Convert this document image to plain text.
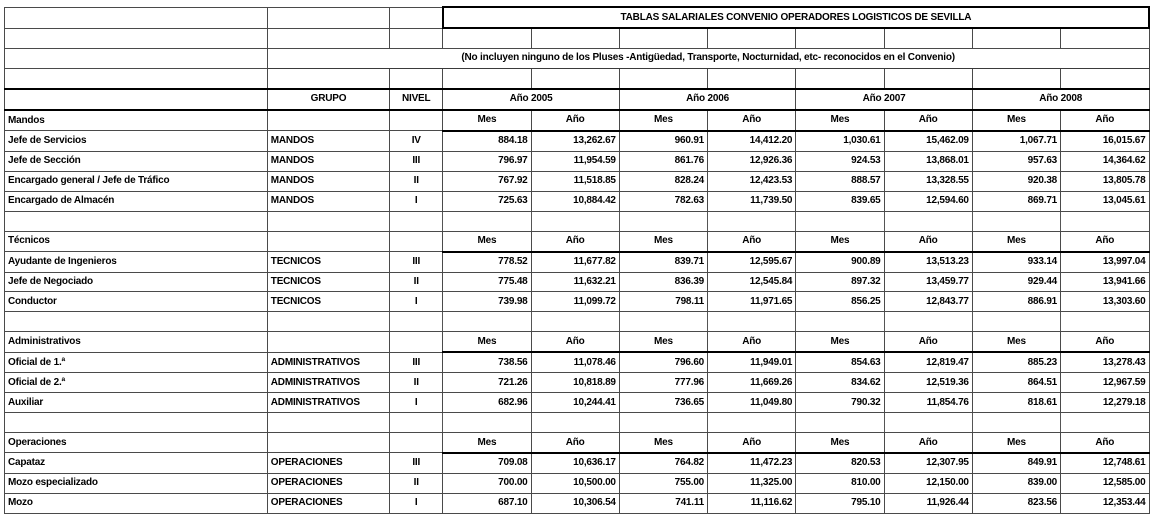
			TABLAS SALARIALES CONVENIO OPERADORES LOGISTICOS DE SEVILLA							

	(No incluyen ninguno de los Pluses -Antigüedad, Transporte, Nocturnidad, etc- reconocidos en el Convenio)									

	GRUPO	NIVEL	Año 2005		Año 2006		Año 2007		Año 2008	
Mandos			Mes	Año	Mes	Año	Mes	Año	Mes	Año
Jefe de Servicios	MANDOS	IV	884.18	13,262.67	960.91	14,412.20	1,030.61	15,462.09	1,067.71	16,015.67
Jefe de Sección	MANDOS	III	796.97	11,954.59	861.76	12,926.36	924.53	13,868.01	957.63	14,364.62
Encargado general / Jefe de Tráfico	MANDOS	II	767.92	11,518.85	828.24	12,423.53	888.57	13,328.55	920.38	13,805.78
Encargado de Almacén	MANDOS	I	725.63	10,884.42	782.63	11,739.50	839.65	12,594.60	869.71	13,045.61

Técnicos			Mes	Año	Mes	Año	Mes	Año	Mes	Año
Ayudante de Ingenieros	TECNICOS	III	778.52	11,677.82	839.71	12,595.67	900.89	13,513.23	933.14	13,997.04
Jefe de Negociado	TECNICOS	II	775.48	11,632.21	836.39	12,545.84	897.32	13,459.77	929.44	13,941.66
Conductor	TECNICOS	I	739.98	11,099.72	798.11	11,971.65	856.25	12,843.77	886.91	13,303.60

Administrativos			Mes	Año	Mes	Año	Mes	Año	Mes	Año
Oficial de 1.ª	ADMINISTRATIVOS	III	738.56	11,078.46	796.60	11,949.01	854.63	12,819.47	885.23	13,278.43
Oficial de 2.ª	ADMINISTRATIVOS	II	721.26	10,818.89	777.96	11,669.26	834.62	12,519.36	864.51	12,967.59
Auxiliar	ADMINISTRATIVOS	I	682.96	10,244.41	736.65	11,049.80	790.32	11,854.76	818.61	12,279.18

Operaciones			Mes	Año	Mes	Año	Mes	Año	Mes	Año
Capataz	OPERACIONES	III	709.08	10,636.17	764.82	11,472.23	820.53	12,307.95	849.91	12,748.61
Mozo especializado	OPERACIONES	II	700.00	10,500.00	755.00	11,325.00	810.00	12,150.00	839.00	12,585.00
Mozo	OPERACIONES	I	687.10	10,306.54	741.11	11,116.62	795.10	11,926.44	823.56	12,353.44
